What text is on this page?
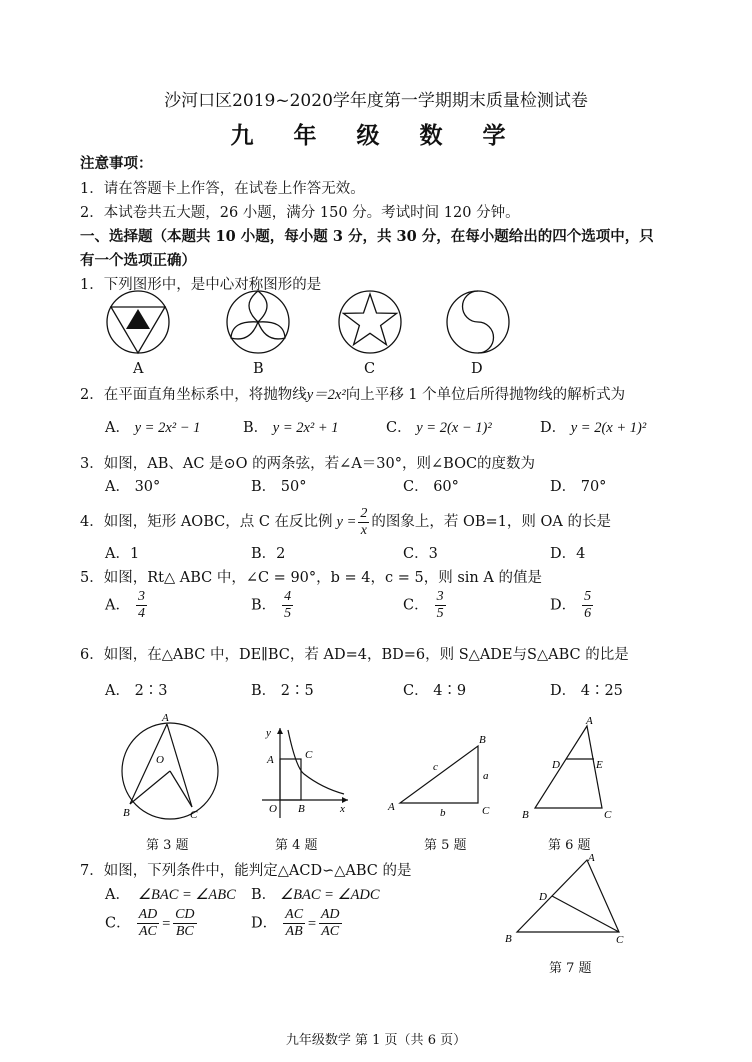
沙河口区2019~2020学年度第一学期期末质量检测试卷
九 年 级 数 学
注意事项：
1．请在答题卡上作答，在试卷上作答无效。
2．本试卷共五大题，26 小题，满分 150 分。考试时间 120 分钟。
一、选择题（本题共 10 小题，每小题 3 分，共 30 分，在每小题给出的四个选项中，只
有一个选项正确）
1．下列图形中，是中心对称图形的是
A	B	C	D
2．在平面直角坐标系中，将抛物线y＝2x²向上平移 1 个单位后所得抛物线的解析式为
A． y = 2x² − 1	B． y = 2x² + 1	C． y = 2(x − 1)²	D． y = 2(x + 1)²
3．如图，AB、AC 是⊙O 的两条弦，若∠A＝30°，则∠BOC的度数为
A． 30°	B． 50°	C． 60°	D． 70°
4．如图，矩形 AOBC，点 C 在反比例 $y = \frac{2}{x}$ 的图象上，若 OB=1，则 OA 的长是
A．1	B．2	C．3	D．4
5．如图，Rt△ ABC 中，∠C = 90°，b = 4，c = 5，则 sin A 的值是
A． $\frac{3}{4}$	B． $\frac{4}{5}$	C． $\frac{3}{5}$	D． $\frac{5}{6}$
6．如图，在△ABC 中，DE∥BC，若 AD=4，BD=6，则 S△ADE与S△ABC 的比是
A． 2∶3	B． 2∶5	C． 4∶9	D． 4∶25
A
O
B	C
y
x
A	C
O B	A
B
C
a
b
c
A
D	E
B	C
第 3 题	第 4 题	第 5 题	第 6 题
7．如图，下列条件中，能判定△ACD∽△ABC 的是
A． ∠BAC = ∠ABC B． ∠BAC = ∠ADC
C． $\frac{AD}{AC} = \frac{CD}{BC}$	D． $\frac{AC}{AB} = \frac{AD}{AC}$
A
D
B	C
第 7 题
九年级数学 第 1 页（共 6 页）
